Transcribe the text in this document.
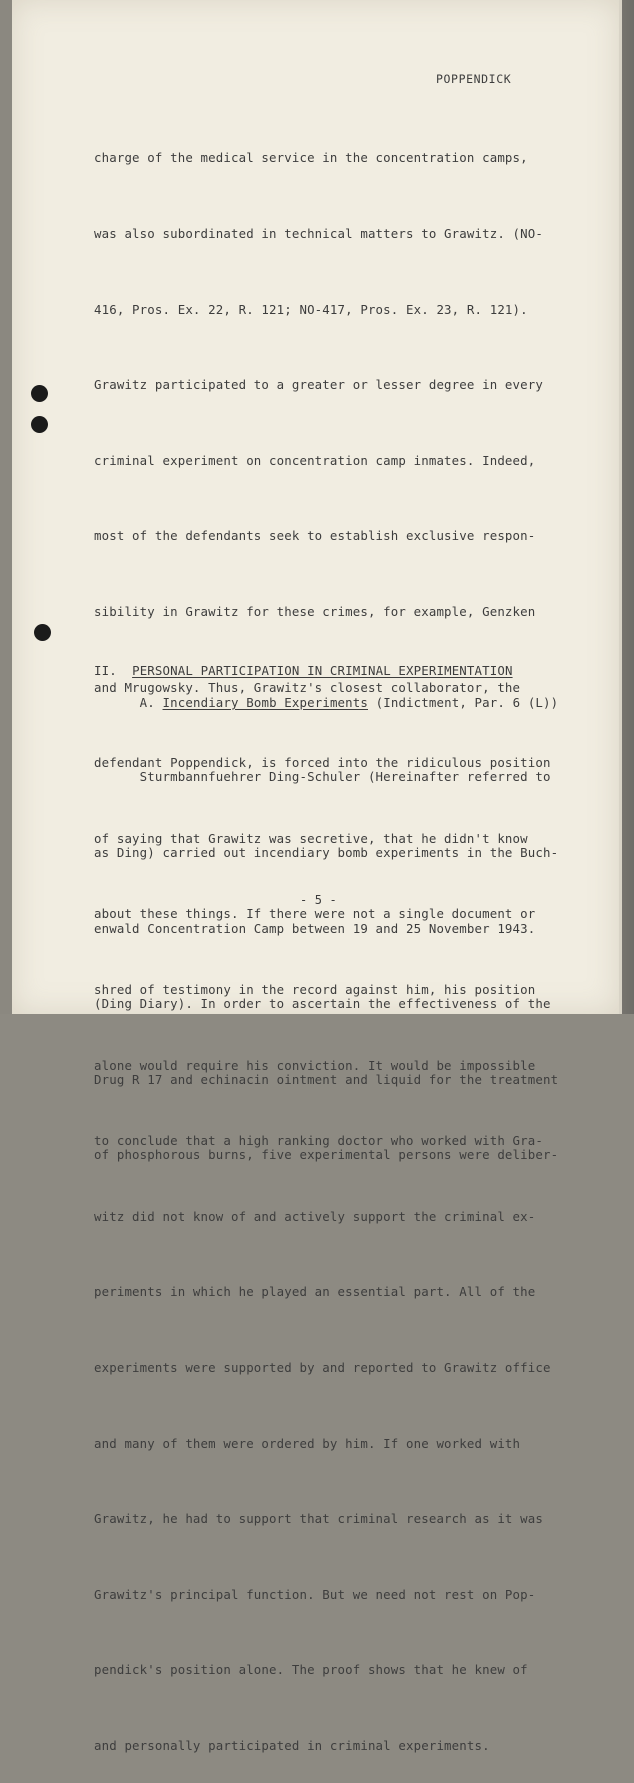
POPPENDICK

charge of the medical service in the concentration camps,

was also subordinated in technical matters to Grawitz. (NO-

416, Pros. Ex. 22, R. 121; NO-417, Pros. Ex. 23, R. 121).

Grawitz participated to a greater or lesser degree in every

criminal experiment on concentration camp inmates. Indeed,

most of the defendants seek to establish exclusive respon-

sibility in Grawitz for these crimes, for example, Genzken

and Mrugowsky. Thus, Grawitz's closest collaborator, the

defendant Poppendick, is forced into the ridiculous position

of saying that Grawitz was secretive, that he didn't know

about these things. If there were not a single document or

shred of testimony in the record against him, his position

alone would require his conviction. It would be impossible

to conclude that a high ranking doctor who worked with Gra-

witz did not know of and actively support the criminal ex-

periments in which he played an essential part. All of the

experiments were supported by and reported to Grawitz office

and many of them were ordered by him. If one worked with

Grawitz, he had to support that criminal research as it was

Grawitz's principal function. But we need not rest on Pop-

pendick's position alone. The proof shows that he knew of

and personally participated in criminal experiments.

II. PERSONAL PARTICIPATION IN CRIMINAL EXPERIMENTATION
A. Incendiary Bomb Experiments (Indictment, Par. 6 (L))

Sturmbannfuehrer Ding-Schuler (Hereinafter referred to

as Ding) carried out incendiary bomb experiments in the Buch-

enwald Concentration Camp between 19 and 25 November 1943.

(Ding Diary). In order to ascertain the effectiveness of the

Drug R 17 and echinacin ointment and liquid for the treatment

of phosphorous burns, five experimental persons were deliber-

- 5 -
